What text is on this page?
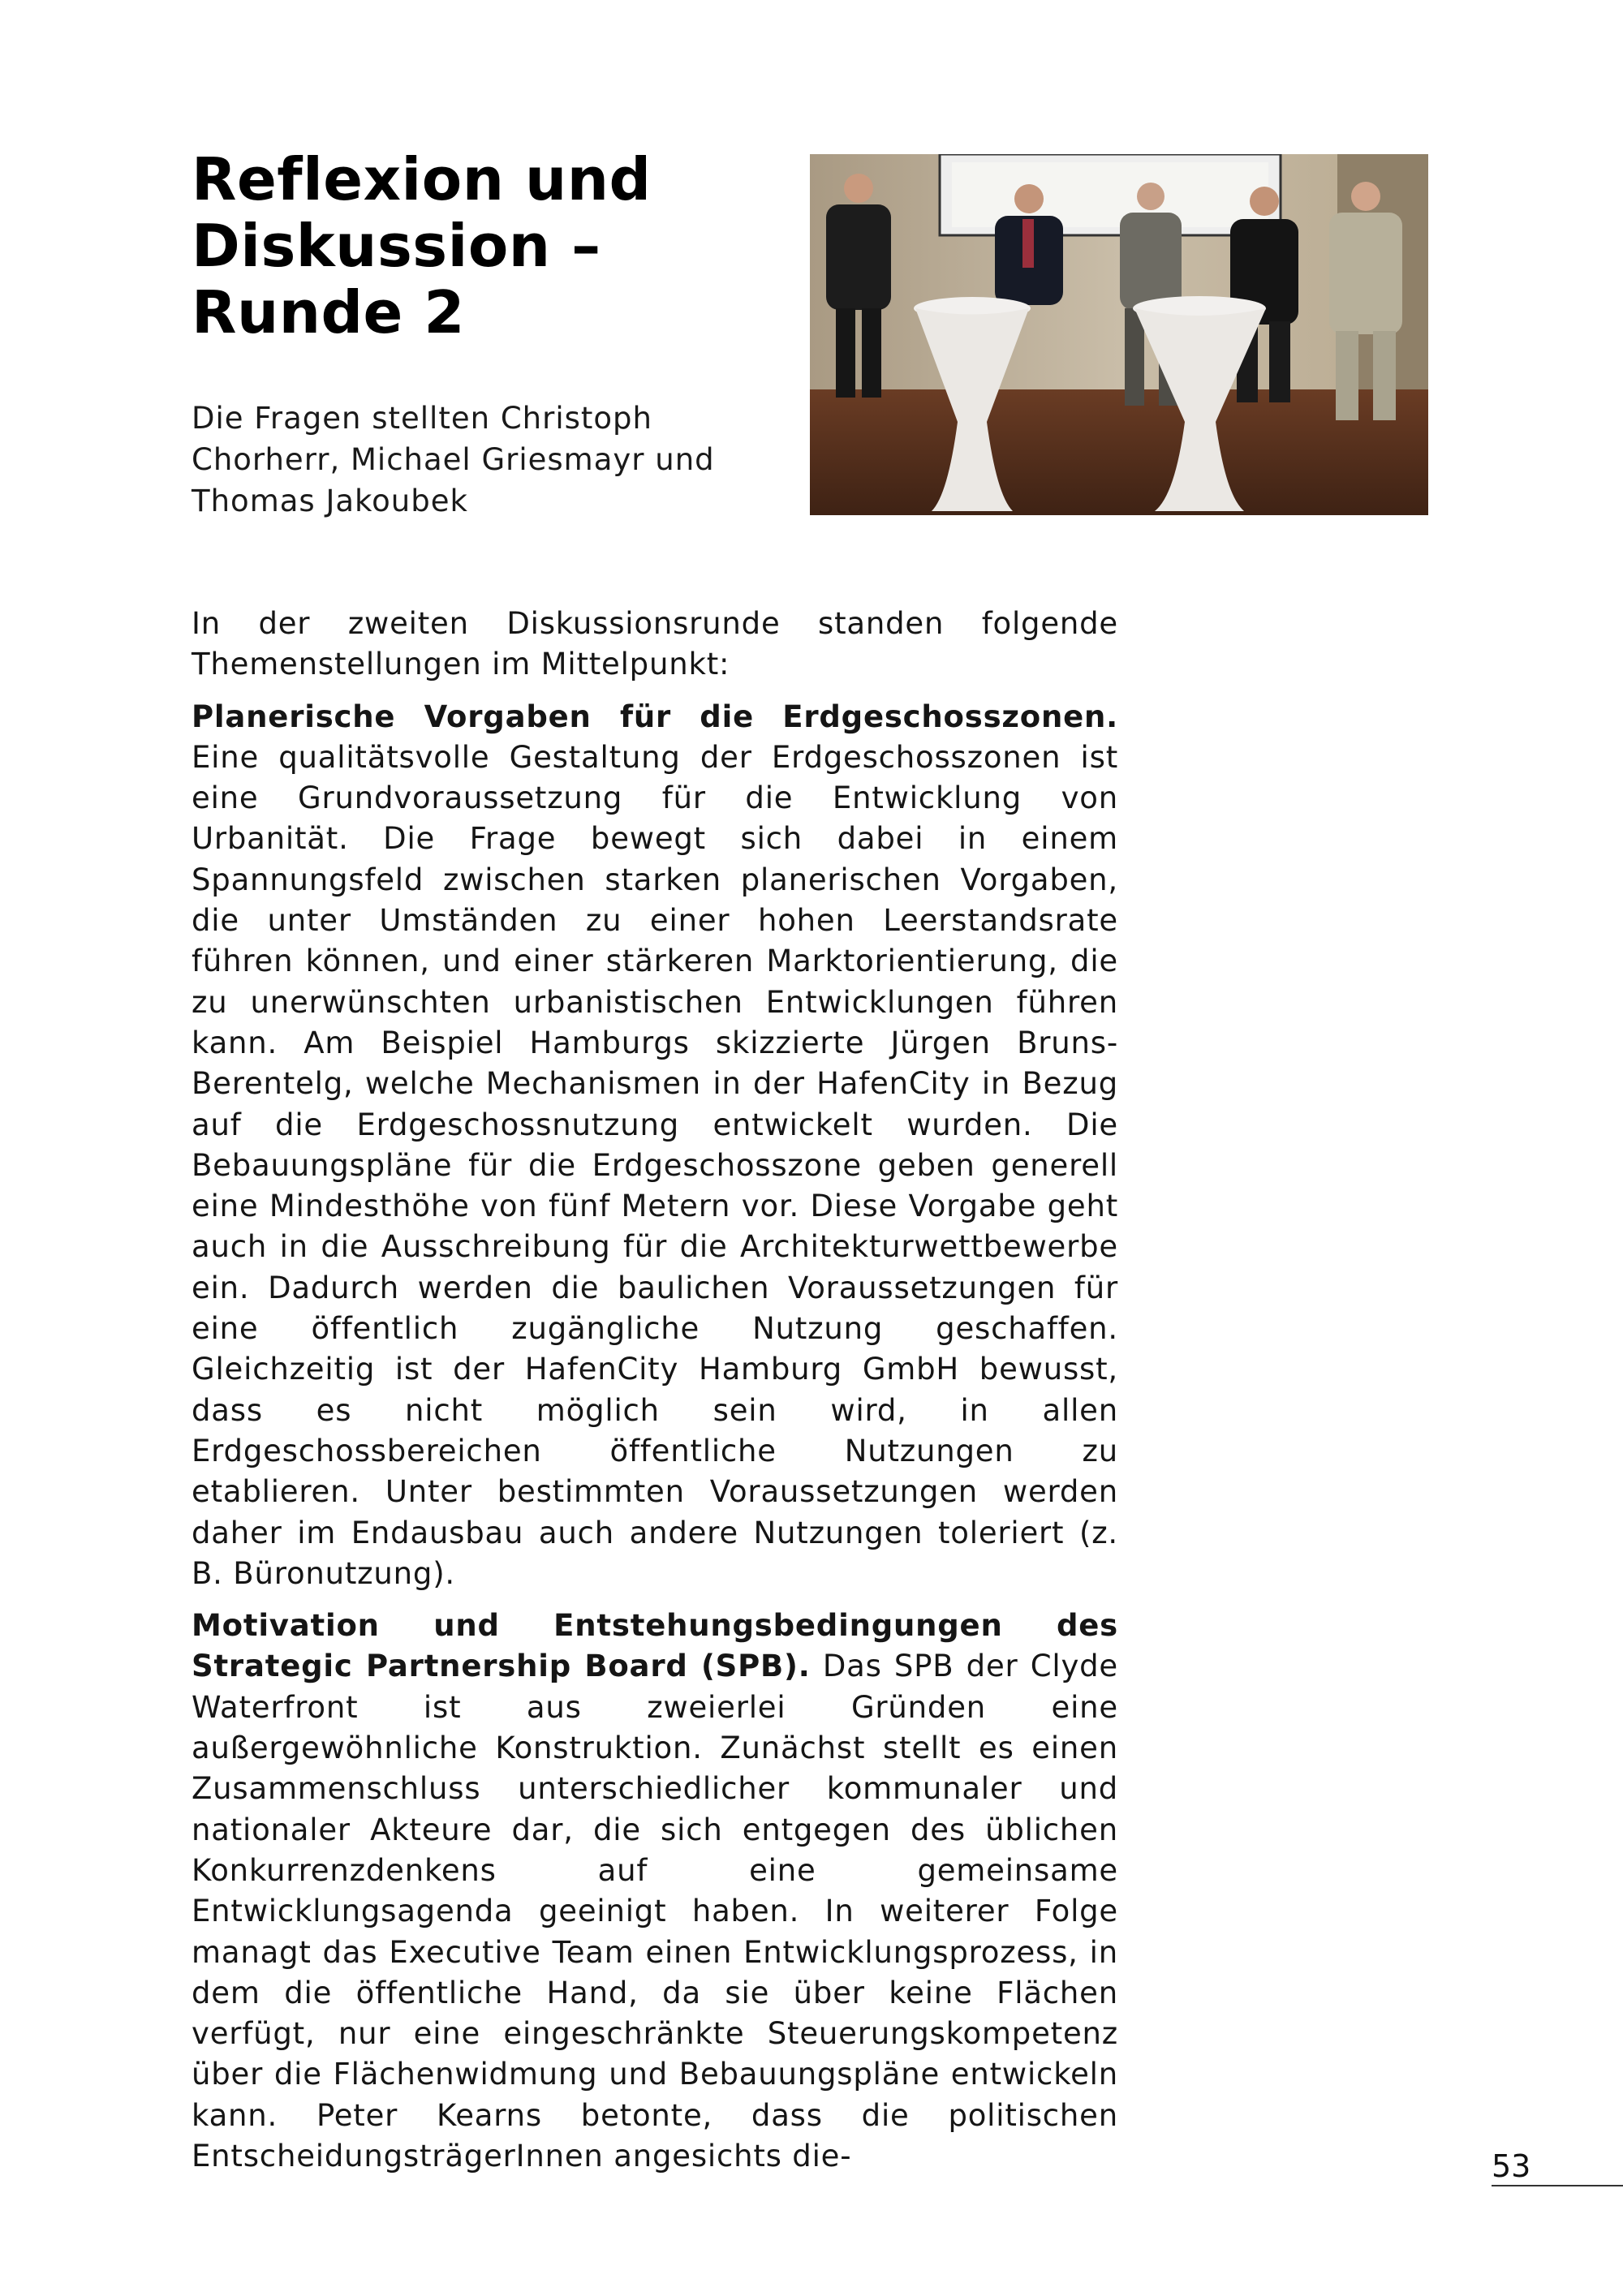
Reflexion und
Diskussion –
Runde 2
Die Fragen stellten Christoph
Chorherr, Michael Griesmayr und
Thomas Jakoubek

In der zweiten Diskussionsrunde standen folgende Themenstellungen im Mittelpunkt:

Planerische Vorgaben für die Erdgeschosszonen. Eine qualitätsvolle Gestaltung der Erdgeschosszonen ist eine Grundvoraussetzung für die Entwicklung von Urbanität. Die Frage bewegt sich dabei in einem Spannungsfeld zwischen starken planerischen Vorgaben, die unter Umständen zu einer hohen Leerstandsrate führen können, und einer stärkeren Marktorientierung, die zu unerwünschten urbanistischen Entwicklungen führen kann. Am Beispiel Hamburgs skizzierte Jürgen Bruns-Berentelg, welche Mechanismen in der HafenCity in Bezug auf die Erdgeschossnutzung entwickelt wurden. Die Bebauungspläne für die Erdgeschosszone geben generell eine Mindesthöhe von fünf Metern vor. Diese Vorgabe geht auch in die Ausschreibung für die Architekturwettbewerbe ein. Dadurch werden die baulichen Voraussetzungen für eine öffentlich zugängliche Nutzung geschaffen. Gleichzeitig ist der HafenCity Hamburg GmbH bewusst, dass es nicht möglich sein wird, in allen Erdgeschossbereichen öffentliche Nutzungen zu etablieren. Unter bestimmten Voraussetzungen werden daher im Endausbau auch andere Nutzungen toleriert (z. B. Büronutzung).

Motivation und Entstehungsbedingungen des Strategic Partnership Board (SPB). Das SPB der Clyde Waterfront ist aus zweierlei Gründen eine außergewöhnliche Konstruktion. Zunächst stellt es einen Zusammenschluss unterschiedlicher kommunaler und nationaler Akteure dar, die sich entgegen des üblichen Konkurrenzdenkens auf eine gemeinsame Entwicklungsagenda geeinigt haben. In weiterer Folge managt das Executive Team einen Entwicklungsprozess, in dem die öffentliche Hand, da sie über keine Flächen verfügt, nur eine eingeschränkte Steuerungskompetenz über die Flächenwidmung und Bebauungspläne entwickeln kann. Peter Kearns betonte, dass die politischen EntscheidungsträgerInnen angesichts die-	53
